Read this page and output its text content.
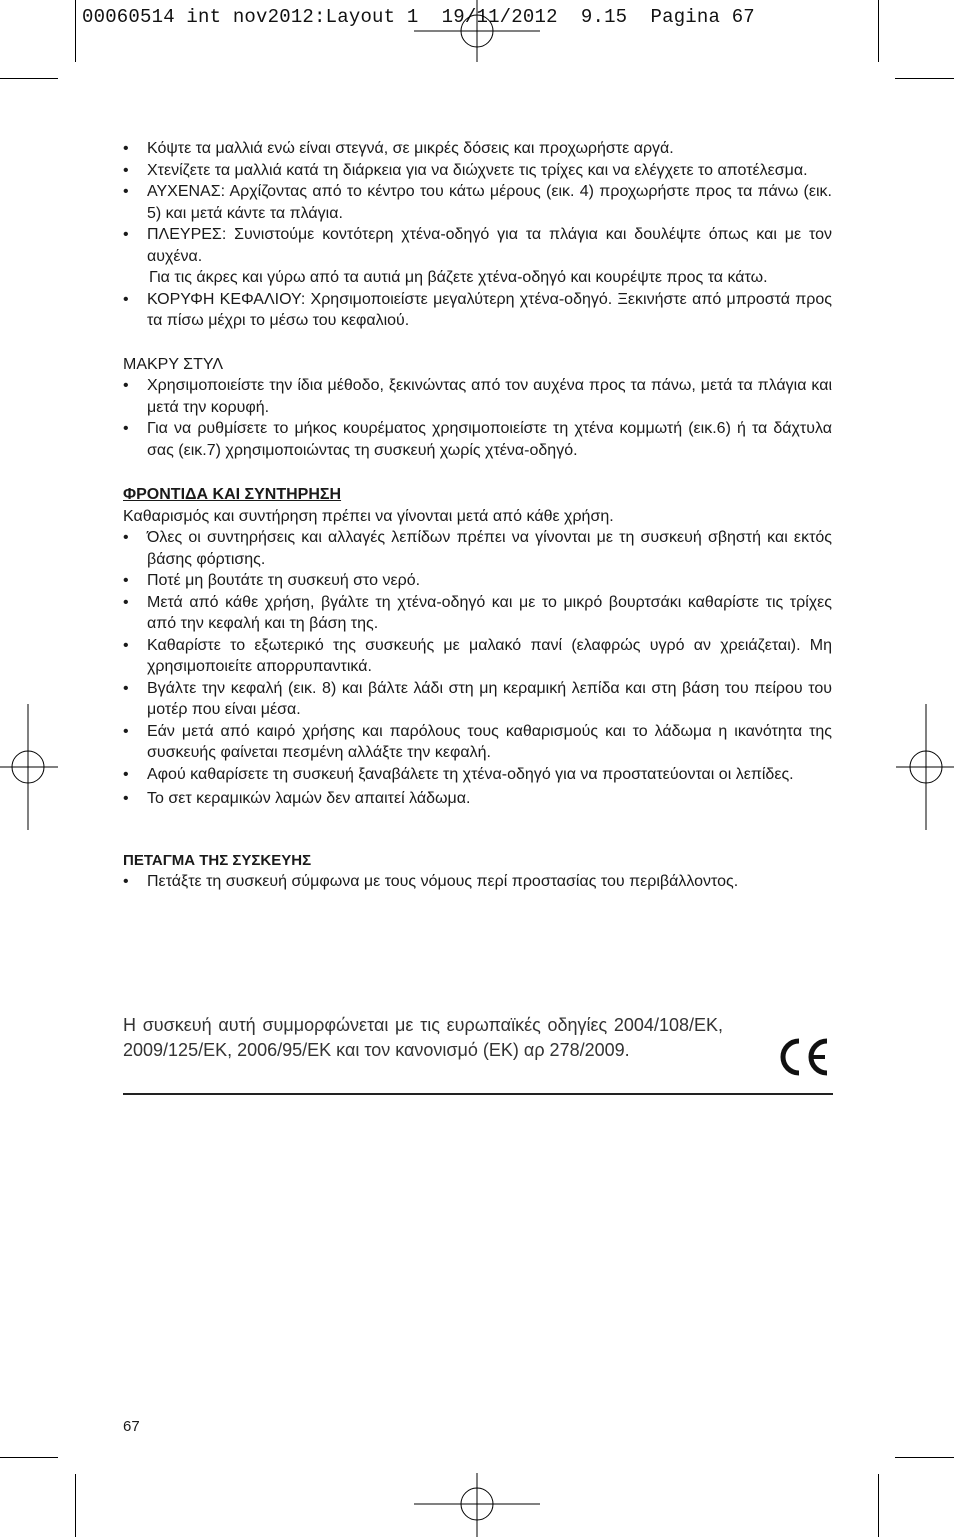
00060514 int nov2012:Layout 1  19/11/2012  9.15  Pagina 67
• Κόψτε τα μαλλιά ενώ είναι στεγνά, σε μικρές δόσεις και προχωρήστε αργά.
• Χτενίζετε τα μαλλιά κατά τη διάρκεια για να διώχνετε τις τρίχες και να ελέγχετε το αποτέλεσμα.
• ΑΥΧΕΝΑΣ: Αρχίζοντας από το κέντρο του κάτω μέρους (εικ. 4) προχωρήστε προς τα πάνω (εικ. 5) και μετά κάντε τα πλάγια.
• ΠΛΕΥΡΕΣ: Συνιστούμε κοντότερη χτένα-οδηγό για τα πλάγια και δουλέψτε όπως και με τον αυχένα.
Για τις άκρες και γύρω από τα αυτιά μη βάζετε χτένα-οδηγό και κουρέψτε προς τα κάτω.
• ΚΟΡΥΦΗ ΚΕΦΑΛΙΟΥ: Χρησιμοποιείστε μεγαλύτερη χτένα-οδηγό. Ξεκινήστε από μπροστά προς τα πίσω μέχρι το μέσω του κεφαλιού.
ΜΑΚΡΥ ΣΤΥΛ
• Χρησιμοποιείστε την ίδια μέθοδο, ξεκινώντας από τον αυχένα προς τα πάνω, μετά τα πλάγια και μετά την κορυφή.
• Για να ρυθμίσετε το μήκος κουρέματος χρησιμοποιείστε τη χτένα κομμωτή (εικ.6) ή τα δάχτυλα σας (εικ.7) χρησιμοποιώντας τη συσκευή χωρίς χτένα-οδηγό.
ΦΡΟΝΤΙΔΑ ΚΑΙ ΣΥΝΤΗΡΗΣΗ
Καθαρισμός και συντήρηση πρέπει να γίνονται μετά από κάθε χρήση.
• Όλες οι συντηρήσεις και αλλαγές λεπίδων πρέπει να γίνονται με τη συσκευή σβηστή και εκτός βάσης φόρτισης.
• Ποτέ μη βουτάτε τη συσκευή στο νερό.
• Μετά από κάθε χρήση, βγάλτε τη χτένα-οδηγό και με το μικρό βουρτσάκι καθαρίστε τις τρίχες από την κεφαλή και τη βάση της.
• Καθαρίστε το εξωτερικό της συσκευής με μαλακό πανί (ελαφρώς υγρό αν χρειάζεται). Μη χρησιμοποιείτε απορρυπαντικά.
• Βγάλτε την κεφαλή (εικ. 8) και βάλτε λάδι στη μη κεραμική λεπίδα και στη βάση του πείρου του μοτέρ που είναι μέσα.
• Εάν μετά από καιρό χρήσης και παρόλους τους καθαρισμούς και το λάδωμα η ικανότητα της συσκευής φαίνεται πεσμένη αλλάξτε την κεφαλή.
• Αφού καθαρίσετε τη συσκευή ξαναβάλετε τη χτένα-οδηγό για να προστατεύονται οι λεπίδες.
• Το σετ κεραμικών λαμών δεν απαιτεί λάδωμα.
ΠΕΤΑΓΜΑ ΤΗΣ ΣΥΣΚΕΥΗΣ
• Πετάξτε τη συσκευή σύμφωνα με τους νόμους περί προστασίας του περιβάλλοντος.
Η συσκευή αυτή συμμορφώνεται με τις ευρωπαϊκές οδηγίες 2004/108/ΕΚ, 2009/125/ΕΚ, 2006/95/ΕΚ και τον κανονισμό (ΕΚ) αρ 278/2009.
67
